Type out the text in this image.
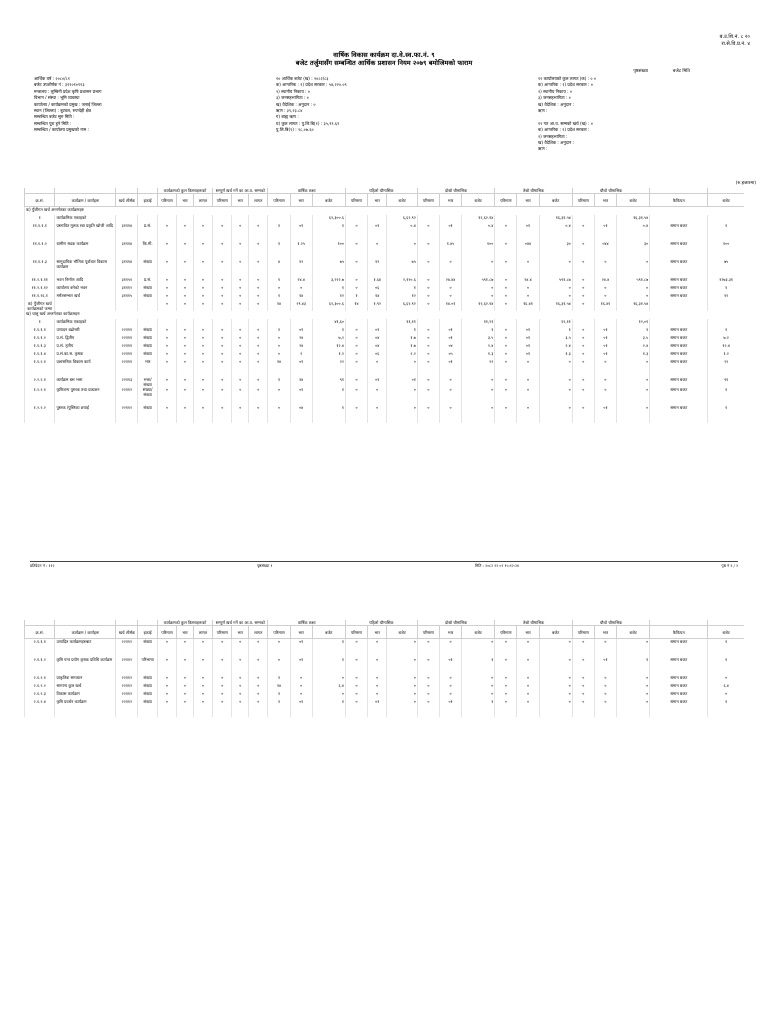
ब.उ.शि.नं. ८ २०
रा.से.वि.प्र.नं. ४
वार्षिक विकास कार्यक्रम दा.वे.स्व.फा.नं. ९
बजेट तर्जुमासँग सम्बन्धित आर्थिक प्रशासन नियम २०७९ बमोजिमको फाराम
पृष्ठसंख्या	बजेट मिति
आर्थिक वर्ष : २०८०/८१
बजेट उपशीर्षक नं : ३१२०१०११३
मन्त्रालय : लुम्बिनी प्रदेश कृषि प्रशासन प्रभाग
विभाग / संस्था : भूमि व्यवस्था
कार्यालय / कार्यक्रमको प्रमुख : जनाई जिल्ला
स्थान (जिल्ला) : बुटवल, रुपन्देही क्षेत्र
सम्बन्धित बजेट सुरु मिति :
सम्बन्धित पूरा हुने मिति :
सम्बन्धित / कार्यालय प्रमुखको नाम :
१० आर्थिक बजेट (ख) : २०८२/८३
क) आन्तरिक : १) प्रदेश सरकार : ५४,२२०.०९
२) स्थानीय निकाय : ०
३) जनसहभागिता : ०
ख) वैदेशिक : अनुदान : ०
ऋण : ३९,२३.८४
ग) बाह्य ऋण :
घ) कुल लागत : पु.लि.बि(१) : ३५,९९.६२
पु.लि.बि(२) : २८,०७.६०
११ कार्यालयको कुल लागत (क) : ० ०
क) आन्तरिक : १) प्रदेश सरकार : ०
२) स्थानीय निकाय : ०
३) जनसहभागिता : ०
ख) वैदेशिक : अनुदान :
ऋण :

१२ गत आ.व. सम्मको खर्च (ख) : ०
क) आन्तरिक : १) प्रदेश सरकार :
२) जनसहभागिता :
ख) वैदेशिक : अनुदान :
ऋण :
(रु.हजारमा)
				कार्यक्रमको कुल किस्ताहरूको			सम्पूर्ण खर्च गर्ने का आ.व. सम्मको			वार्षिक लक्ष्य			पहिलो चौमासिक			दोस्रो चौमासिक			तेस्रो चौमासिक			चौथो चौमासिक				
क्र.सं.	कार्यक्रम / कार्यहरू	खर्च शीर्षक	इकाई	परिमाण	भार	लागत	परिमाण	भार	लागत	परिमाण	भार	बजेट	परिमाण	भार	बजेट	परिमाण	भार	बजेट	परिमाण	भार	बजेट	परिमाण	भार	बजेट	कैफियत	बजेट
क) पुँजीगत खर्च अन्तर्गतका कार्यक्रमहरु																										
१	कार्यक्रमिक एकाइको											६२,३००.६			६,६२.९२			१२,६२.१४			१६,३१.५४			१६,३१.५४		
११.१.१.१	प्रस्तावित मूलक रबा प्रकृति खोजी आदि	३१११४	प्र.सं.	०	०	०	०	०	०	१	०१	१	०	०१	०.४	०	०१	०.४	०	०१	०.४	०	०१	०.४	समान बजट	१
११.१.१.२	ग्रामीण सडक कार्यक्रम	३१११४	कि.मी.	०	०	०	०	०	०	१	१.२५	१००	०	०	०	०	१.४५	१००	०	०४४	३०	०	०४४	३०	समान बजट	१००
११.१.१.३	सामुदायिक भौतिक पूर्वाधार विकास कार्यक्रम	३१११४	संख्या	०	०	०	०	०	०	४	१२	७५	०	१२	७५	०	०	०	०	०	०	०	०	०	समान बजट	७५
११.२.१.११	भवन निर्माण आदि	३११५१	प्र.सं.	०	०	०	०	०	०	१	२४.४	३,२२२.७	०	१.६४	२,१२०.६	०	२४.४४	५९१.८७	०	२४.४	५९१.८७	०	२४.४	५९१.८७	समान बजट	१२७३.३१
११.२.१.१२	कार्यालय बनेको भवन	३१११२	संख्या	०	०	०	०	०	०	०	०	१	०	०६	१	०	०	०	०	०	०	०	०	०	समान बजट	१
११.१.२६.१	मर्मतसम्भार खर्च	३१११५	संख्या	०	०	०	०	०	०	१	१४	१२	१	१४	१२	०	०	०	०	०	०	०	०	०	समान बजट	१२
क) पुँजीगत खर्च कार्यक्रमको जम्मा				०	०	०	०	०	०	१४	२९.४३	६२,३००.६	१४	१.९२	६,६२.९२	०	१४.०१	१२,६२.१४	०	१६.४१	१६,३१.५४	०	१६.४१	१६,३१.५४		
ख) चालु खर्च अन्तर्गतका कार्यक्रमहरु																										
१	कार्यक्रमिक एकाइको											४१,६०			११,११			११,२१			१२,११			१२,०१		
१.१.१.१	उत्पादन बढोत्तरी	२२१११	संख्या	०	०	०	०	०	०	१	०१	१	०	०१	१	०	०१	१	०	०१	१	०	०१	१	समान बजट	१
१.१.१.२	प्र.सं. द्वितीय	२२१११	संख्या	०	०	०	०	०	०	०	२४	७,२	०	०४	१.७	०	०१	३.५	०	०१	३.५	०	०१	३.५	समान बजट	७.२
१.१.१.३	प्र.सं. तृतीय	२२१११	संख्या	०	०	०	०	०	०	०	२४	१२.४	०	०४	१.७	०	०४	२.४	०	०१	२.४	०	०१	२.४	समान बजट	१२.४
१.१.१.४	प्र.सं.का.स. कृषक	२२१११	संख्या	०	०	०	०	०	०	०	२	१.२	०	०६	२.२	०	०५	१.३	०	०१	१.३	०	०१	१.३	समान बजट	१.२
१.१.२.१	प्रशासनिक विकास कार्य	२२१११	भार	०	०	०	०	०	०	१४	०१	२२	०	०	०	०	०१	२२	०	०	०	०	०	०	समान बजट	२२
२.२.२.१	कार्यक्रम बस भत्ता	२२११३	भत्ता/ संख्या	०	०	०	०	०	०	१	१४	९१	०	०१	०१	०	०	०	०	०	०	०	०	०	समान बजट	९१
१.२.२.१	कृषिजन्य पुस्तक तथा प्रकाशन	२२११२	संख्या/ संख्या	०	०	०	०	०	०	०	०१	१	०	०	०	०	०	०	०	०	०	०	०	०	समान बजट	१
१.२.२.२	पुस्तक /पुस्तिका छपाई	२२११२	संख्या	०	०	०	०	०	०	०	०४	१	०	०	०	०	०	०	०	०	०	०	०१	०	समान बजट	१
प्रतिवेदन नं : ११२	पृष्ठसंख्या १	मिति : २०८२ १२ ०२ १५:१२:२४	पृष्ठ नं १ / २
				कार्यक्रमको कुल किस्ताहरूको			सम्पूर्ण खर्च गर्ने का आ.व. सम्मको			वार्षिक लक्ष्य			पहिलो चौमासिक			दोस्रो चौमासिक			तेस्रो चौमासिक			चौथो चौमासिक				
क्र.सं.	कार्यक्रम / कार्यहरू	खर्च शीर्षक	इकाई	परिमाण	भार	लागत	परिमाण	भार	लागत	परिमाण	भार	बजेट	परिमाण	भार	बजेट	परिमाण	भार	बजेट	परिमाण	भार	बजेट	परिमाण	भार	बजेट	कैफियत	बजेट
२.१.१.१	उत्पादित कार्यक्रमहरुबाट	२२११२	संख्या	०	०	०	०	०	०	०	०१	१	०	०	०	०	०	०	०	०	०	०	०	०	समान बजट	१
२.१.१.२	कृषि यन्त्र प्रयोग कृषक प्रविधि कार्यक्रम	२२११२	परिभाषा	०	०	०	०	०	०	०	०१	१	०	०	०	०	०१	१	०	०	०	०	०१	१	समान बजट	१
२.१.२.१	प्राकृतिक समाधान	२२११२	संख्या	०	०	०	०	०	०	१	०	०	०	०	०	०	०	०	०	०	०	०	०	०	समान बजट	०
२.१.२.२	सामान्य कुल खर्च	२२११२	संख्या	०	०	०	०	०	०	१४	०	६.४	०	०	०	०	०	०	०	०	०	०	०	०	समान बजट	६.४
२.१.२.३	विकास कार्यक्रम	२२११२	संख्या	०	०	०	०	०	०	१	०	०	०	०	०	०	०	०	०	०	०	०	०	०	समान बजट	०
२.१.२.४	कृषि प्रवर्धन कार्यक्रम	२२११२	संख्या	०	०	०	०	०	०	१	०१	१	०	०१	०	०	०१	१	०	०	०	०	०	०	समान बजट	१
